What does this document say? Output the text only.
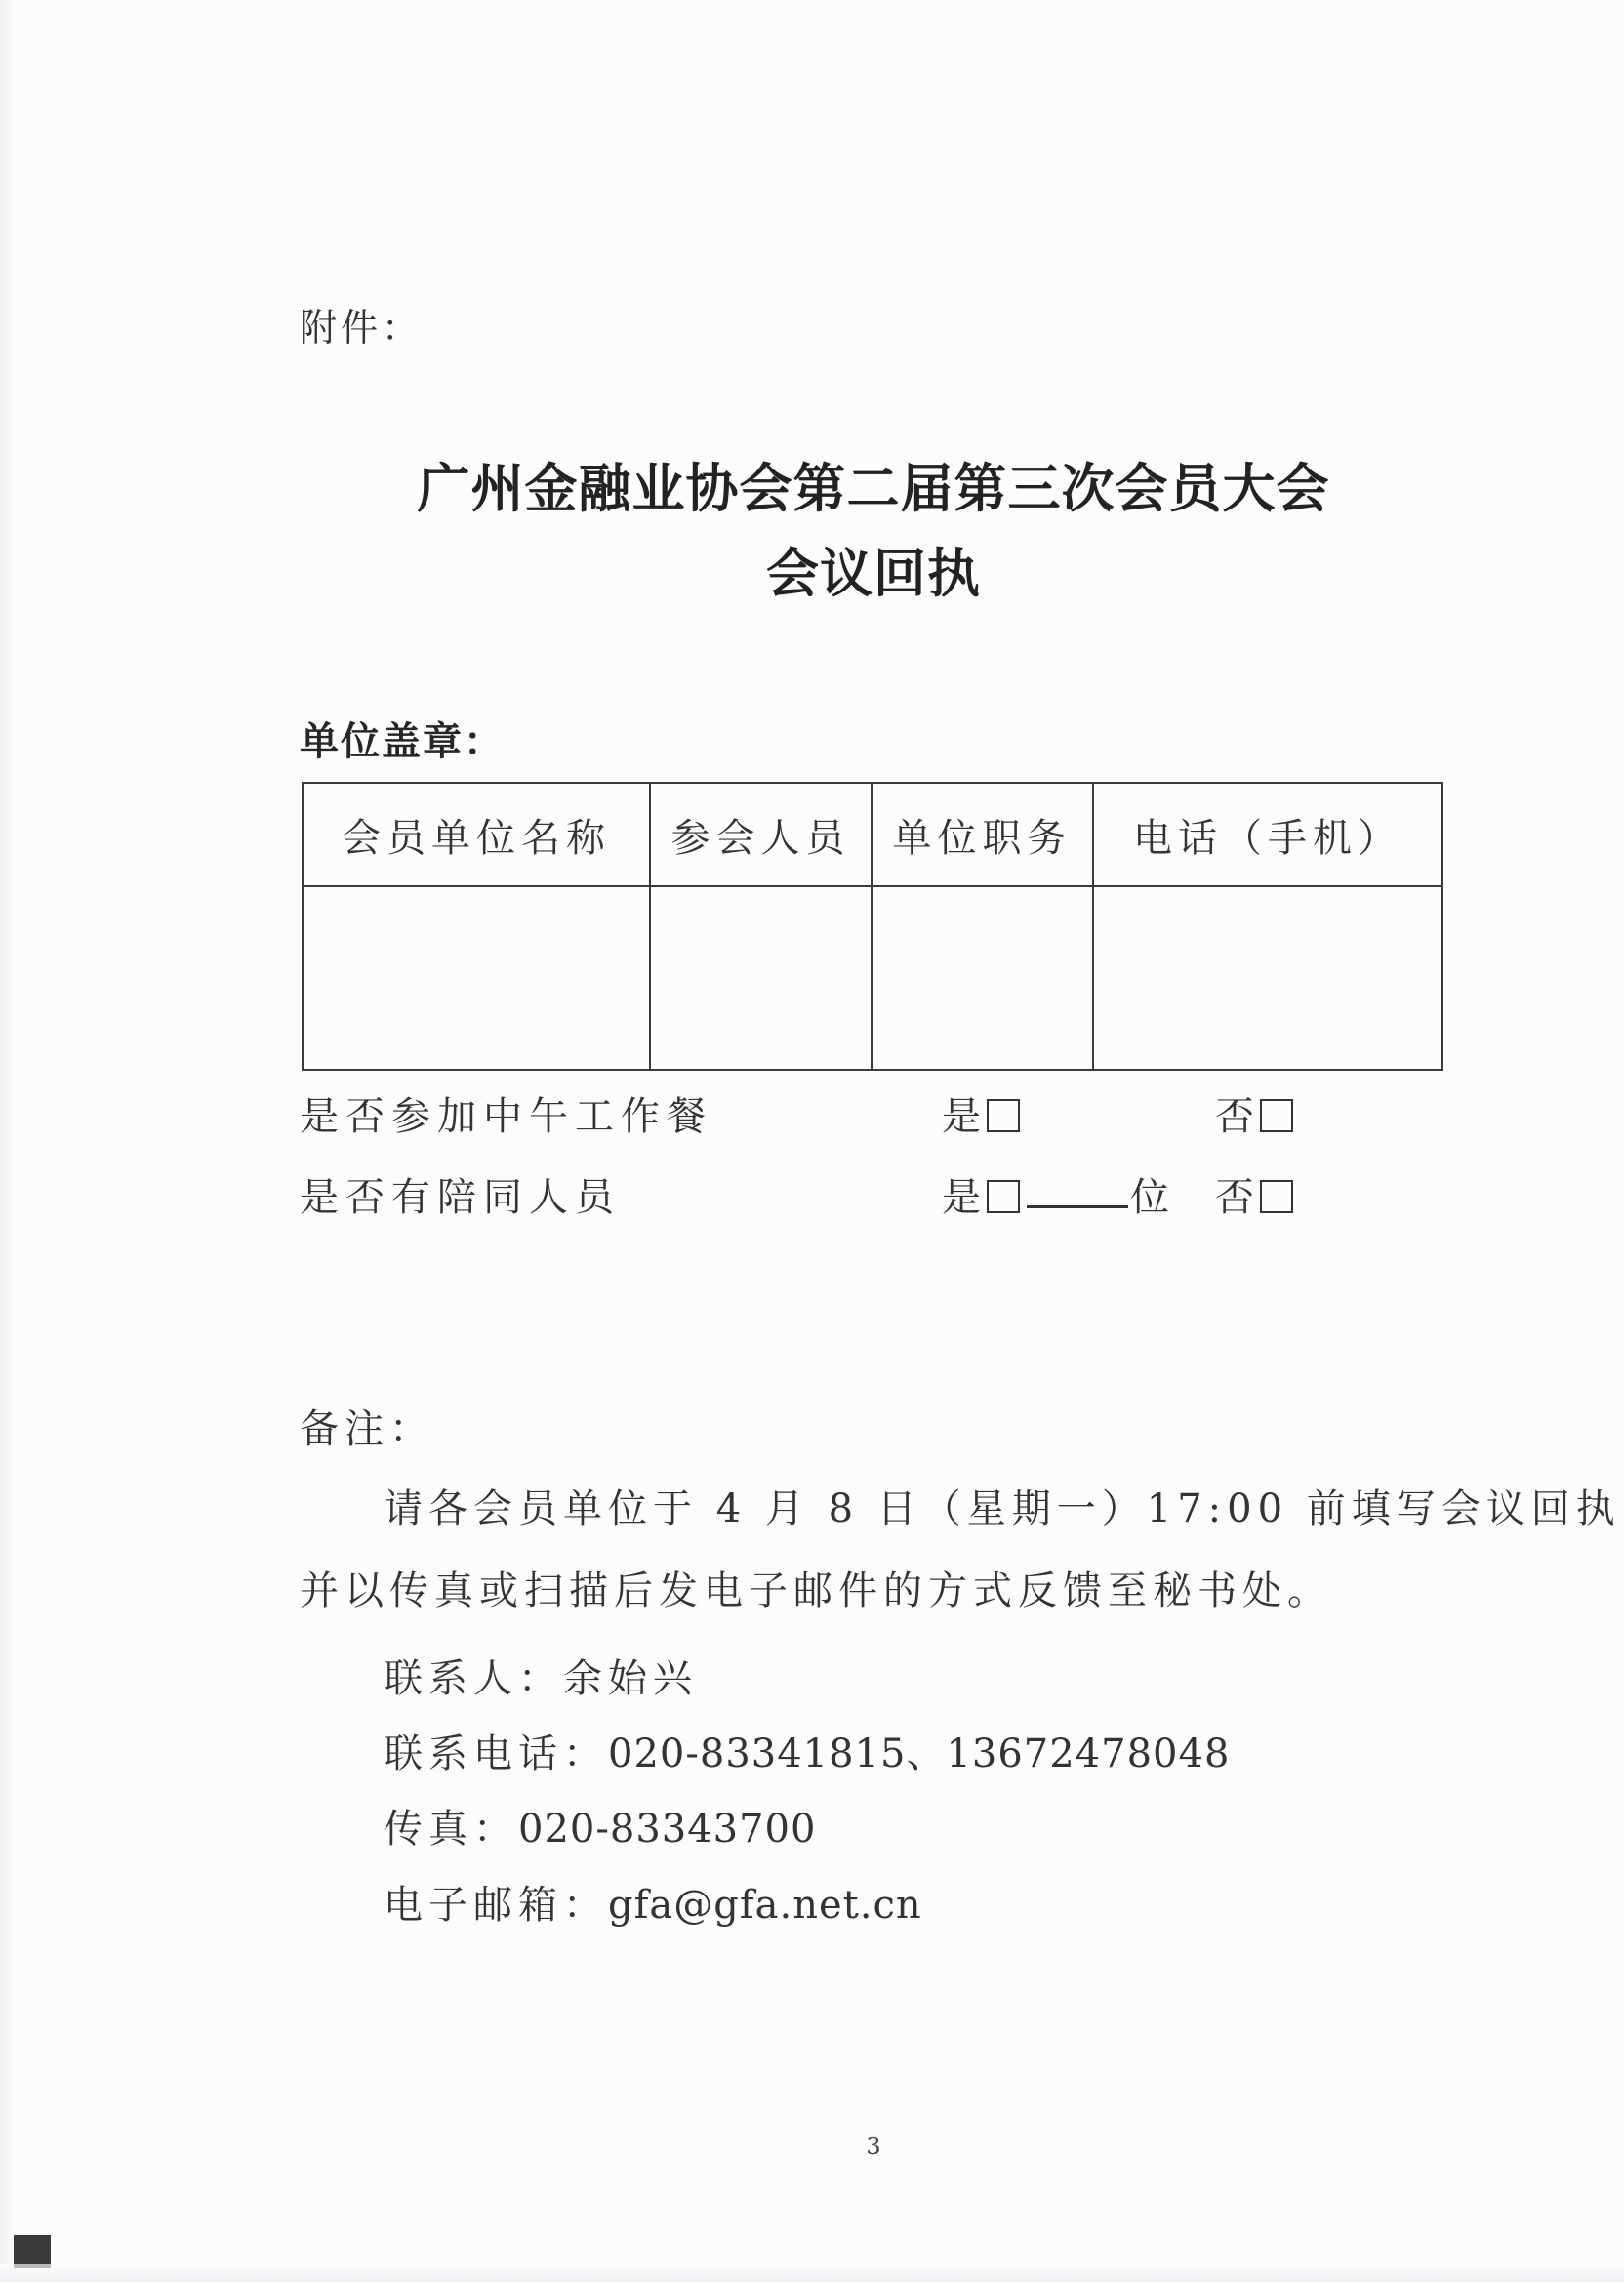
附件：
广州金融业协会第二届第三次会员大会
会议回执
单位盖章：
会员单位名称	参会人员	单位职务	电话（手机）

是否参加中午工作餐	是	否
是否有陪同人员	是	位 否
备注：
请各会员单位于 4 月 8 日（星期一）17:00 前填写会议回执
并以传真或扫描后发电子邮件的方式反馈至秘书处。
联系人：余始兴
联系电话：020-83341815、13672478048
传真：020-83343700
电子邮箱：gfa@gfa.net.cn
3
